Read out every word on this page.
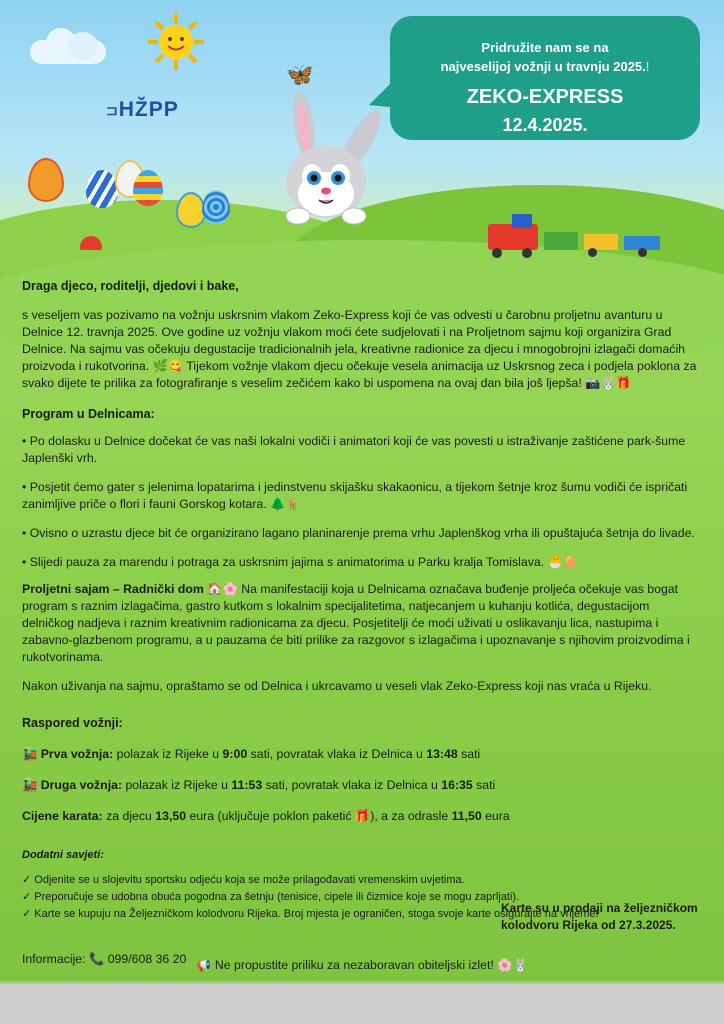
⊐HŽPP
🦋
Pridružite nam se na
najveselijoj vožnji u travnju 2025.!
ZEKO-EXPRESS
12.4.2025.

Draga djeco, roditelji, djedovi i bake,

s veseljem vas pozivamo na vožnju uskrsnim vlakom Zeko-Express koji će vas odvesti u čarobnu proljetnu avanturu u Delnice 12. travnja 2025. Ove godine uz vožnju vlakom moći ćete sudjelovati i na Proljetnom sajmu koji organizira Grad Delnice. Na sajmu vas očekuju degustacije tradicionalnih jela, kreativne radionice za djecu i mnogobrojni izlagači domaćih proizvoda i rukotvorina. 🌿😋 Tijekom vožnje vlakom djecu očekuje vesela animacija uz Uskrsnog zeca i podjela poklona za svako dijete te prilika za fotografiranje s veselim zečićem kako bi uspomena na ovaj dan bila još ljepša! 📷🐰🎁

Program u Delnicama:

• Po dolasku u Delnice dočekat će vas naši lokalni vodiči i animatori koji će vas povesti u istraživanje zaštićene park-šume Japlenški vrh.

• Posjetit ćemo gater s jelenima lopatarima i jedinstvenu skijašku skakaonicu, a tijekom šetnje kroz šumu vodiči će ispričati zanimljive priče o flori i fauni Gorskog kotara. 🌲🦌

• Ovisno o uzrastu djece bit će organizirano lagano planinarenje prema vrhu Japlenškog vrha ili opuštajuća šetnja do livade.

• Slijedi pauza za marendu i potraga za uskrsnim jajima s animatorima u Parku kralja Tomislava. 🐣🥚

Proljetni sajam – Radnički dom 🏠🌸 Na manifestaciji koja u Delnicama označava buđenje proljeća očekuje vas bogat program s raznim izlagačima, gastro kutkom s lokalnim specijalitetima, natjecanjem u kuhanju kotlića, degustacijom delničkog nadjeva i raznim kreativnim radionicama za djecu. Posjetitelji će moći uživati u oslikavanju lica, nastupima i zabavno-glazbenom programu, a u pauzama će biti prilike za razgovor s izlagačima i upoznavanje s njihovim proizvodima i rukotvorinama.

Nakon uživanja na sajmu, opraštamo se od Delnica i ukrcavamo u veseli vlak Zeko-Express koji nas vraća u Rijeku.

Raspored vožnji:

🚂 Prva vožnja: polazak iz Rijeke u 9:00 sati, povratak vlaka iz Delnica u 13:48 sati

🚂 Druga vožnja: polazak iz Rijeke u 11:53 sati, povratak vlaka iz Delnica u 16:35 sati

Cijene karata: za djecu 13,50 eura (uključuje poklon paketić 🎁), a za odrasle 11,50 eura

Dodatni savjeti:

✓ Odjenite se u slojevitu sportsku odjeću koja se može prilagođavati vremenskim uvjetima.
✓ Preporučuje se udobna obuća pogodna za šetnju (tenisice, cipele ili čizmice koje se mogu zaprljati).
✓ Karte se kupuju na Željezničkom kolodvoru Rijeka. Broj mjesta je ograničen, stoga svoje karte osigurajte na vrijeme!

Informacije: 📞 099/608 36 20

Karte su u prodaji na željezničkom kolodvoru Rijeka od 27.3.2025.
📢 Ne propustite priliku za nezaboravan obiteljski izlet! 🌸🐰
